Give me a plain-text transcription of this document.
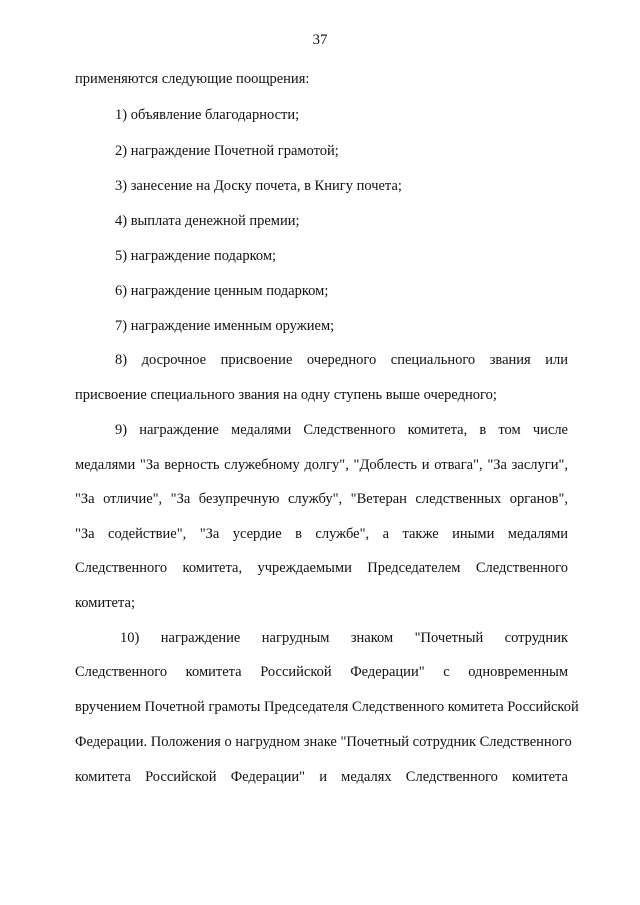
37
применяются следующие поощрения:
1) объявление благодарности;
2) награждение Почетной грамотой;
3) занесение на Доску почета, в Книгу почета;
4) выплата денежной премии;
5) награждение подарком;
6) награждение ценным подарком;
7) награждение именным оружием;
8) досрочное присвоение очередного специального звания или
присвоение специального звания на одну ступень выше очередного;
9) награждение медалями Следственного комитета, в том числе
медалями "За верность служебному долгу", "Доблесть и отвага", "За заслуги",
"За отличие", "За безупречную службу", "Ветеран следственных органов",
"За содействие", "За усердие в службе", а также иными медалями
Следственного комитета, учреждаемыми Председателем Следственного
комитета;
10) награждение нагрудным знаком "Почетный сотрудник
Следственного комитета Российской Федерации" с одновременным
вручением Почетной грамоты Председателя Следственного комитета Российской
Федерации. Положения о нагрудном знаке "Почетный сотрудник Следственного
комитета Российской Федерации" и медалях Следственного комитета
